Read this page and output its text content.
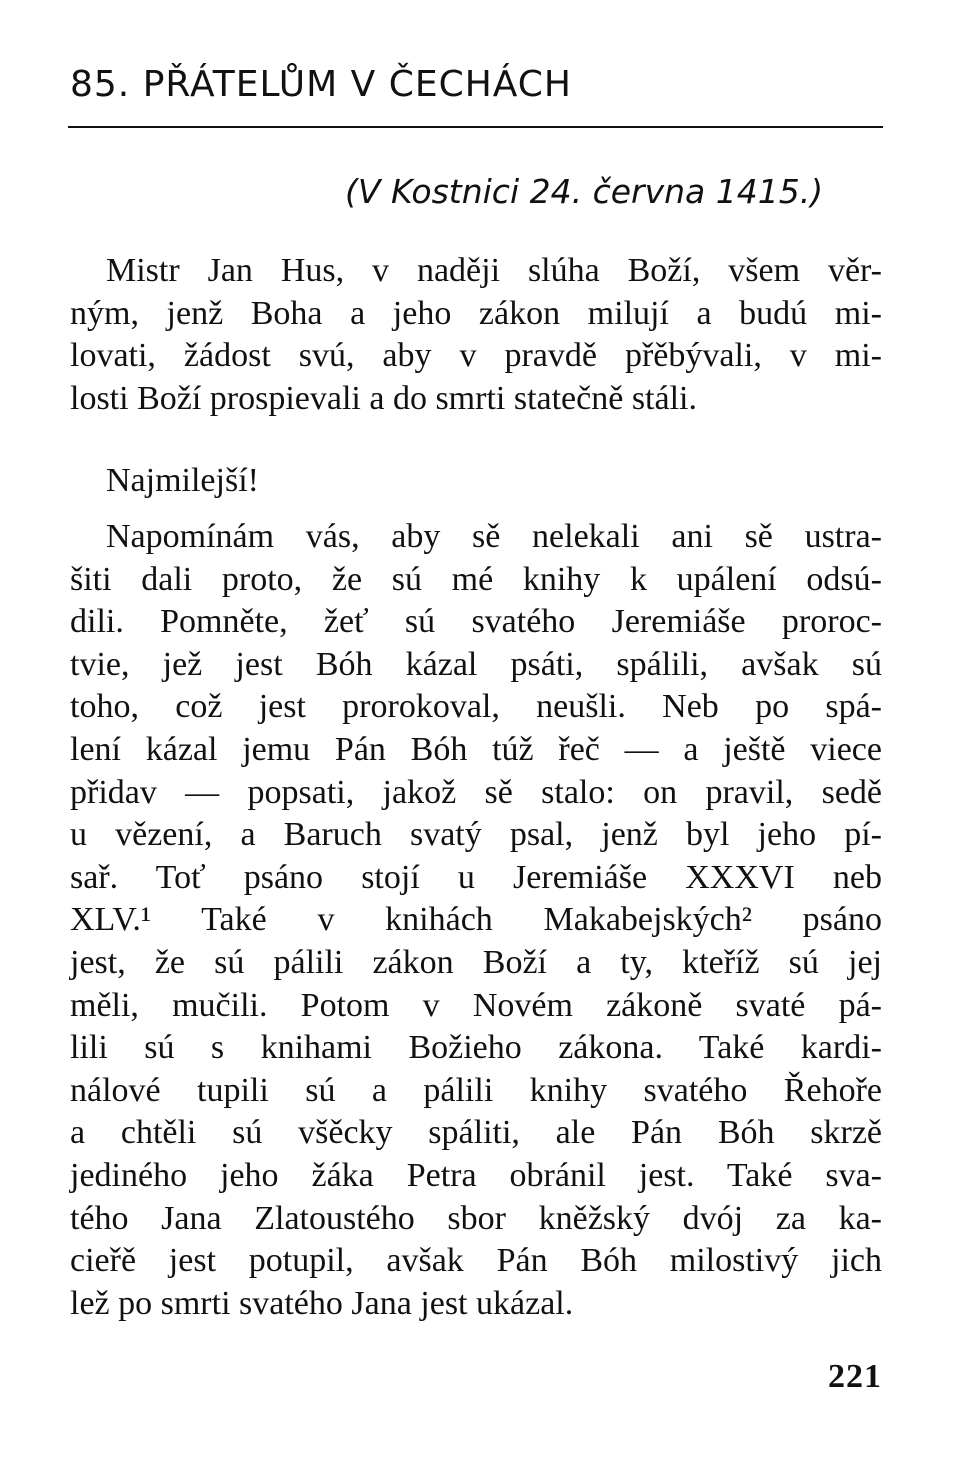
85. PŘÁTELŮM V ČECHÁCH
(V Kostnici 24. června 1415.)

Mistr Jan Hus, v naději slúha Boží, všem věr-
ným, jenž Boha a jeho zákon milují a budú mi-
lovati, žádost svú, aby v pravdě přěbývali, v mi-
losti Boží prospievali a do smrti statečně stáli.

Najmilejší!

Napomínám vás, aby sě nelekali ani sě ustra-
šiti dali proto, že sú mé knihy k upálení odsú-
dili. Pomněte, žeť sú svatého Jeremiáše proroc-
tvie, jež jest Bóh kázal psáti, spálili, avšak sú
toho, což jest prorokoval, neušli. Neb po spá-
lení kázal jemu Pán Bóh túž řeč — a ještě viece
přidav — popsati, jakož sě stalo: on pravil, sedě
u vězení, a Baruch svatý psal, jenž byl jeho pí-
sař. Toť psáno stojí u Jeremiáše XXXVI neb
XLV.¹ Také v knihách Makabejských² psáno
jest, že sú pálili zákon Boží a ty, kteříž sú jej
měli, mučili. Potom v Novém zákoně svaté pá-
lili sú s knihami Božieho zákona. Také kardi-
nálové tupili sú a pálili knihy svatého Řehoře
a chtěli sú všěcky spáliti, ale Pán Bóh skrzě
jediného jeho žáka Petra obránil jest. Také sva-
tého Jana Zlatoustého sbor kněžský dvój za ka-
cieřě jest potupil, avšak Pán Bóh milostivý jich
lež po smrti svatého Jana jest ukázal.

221
